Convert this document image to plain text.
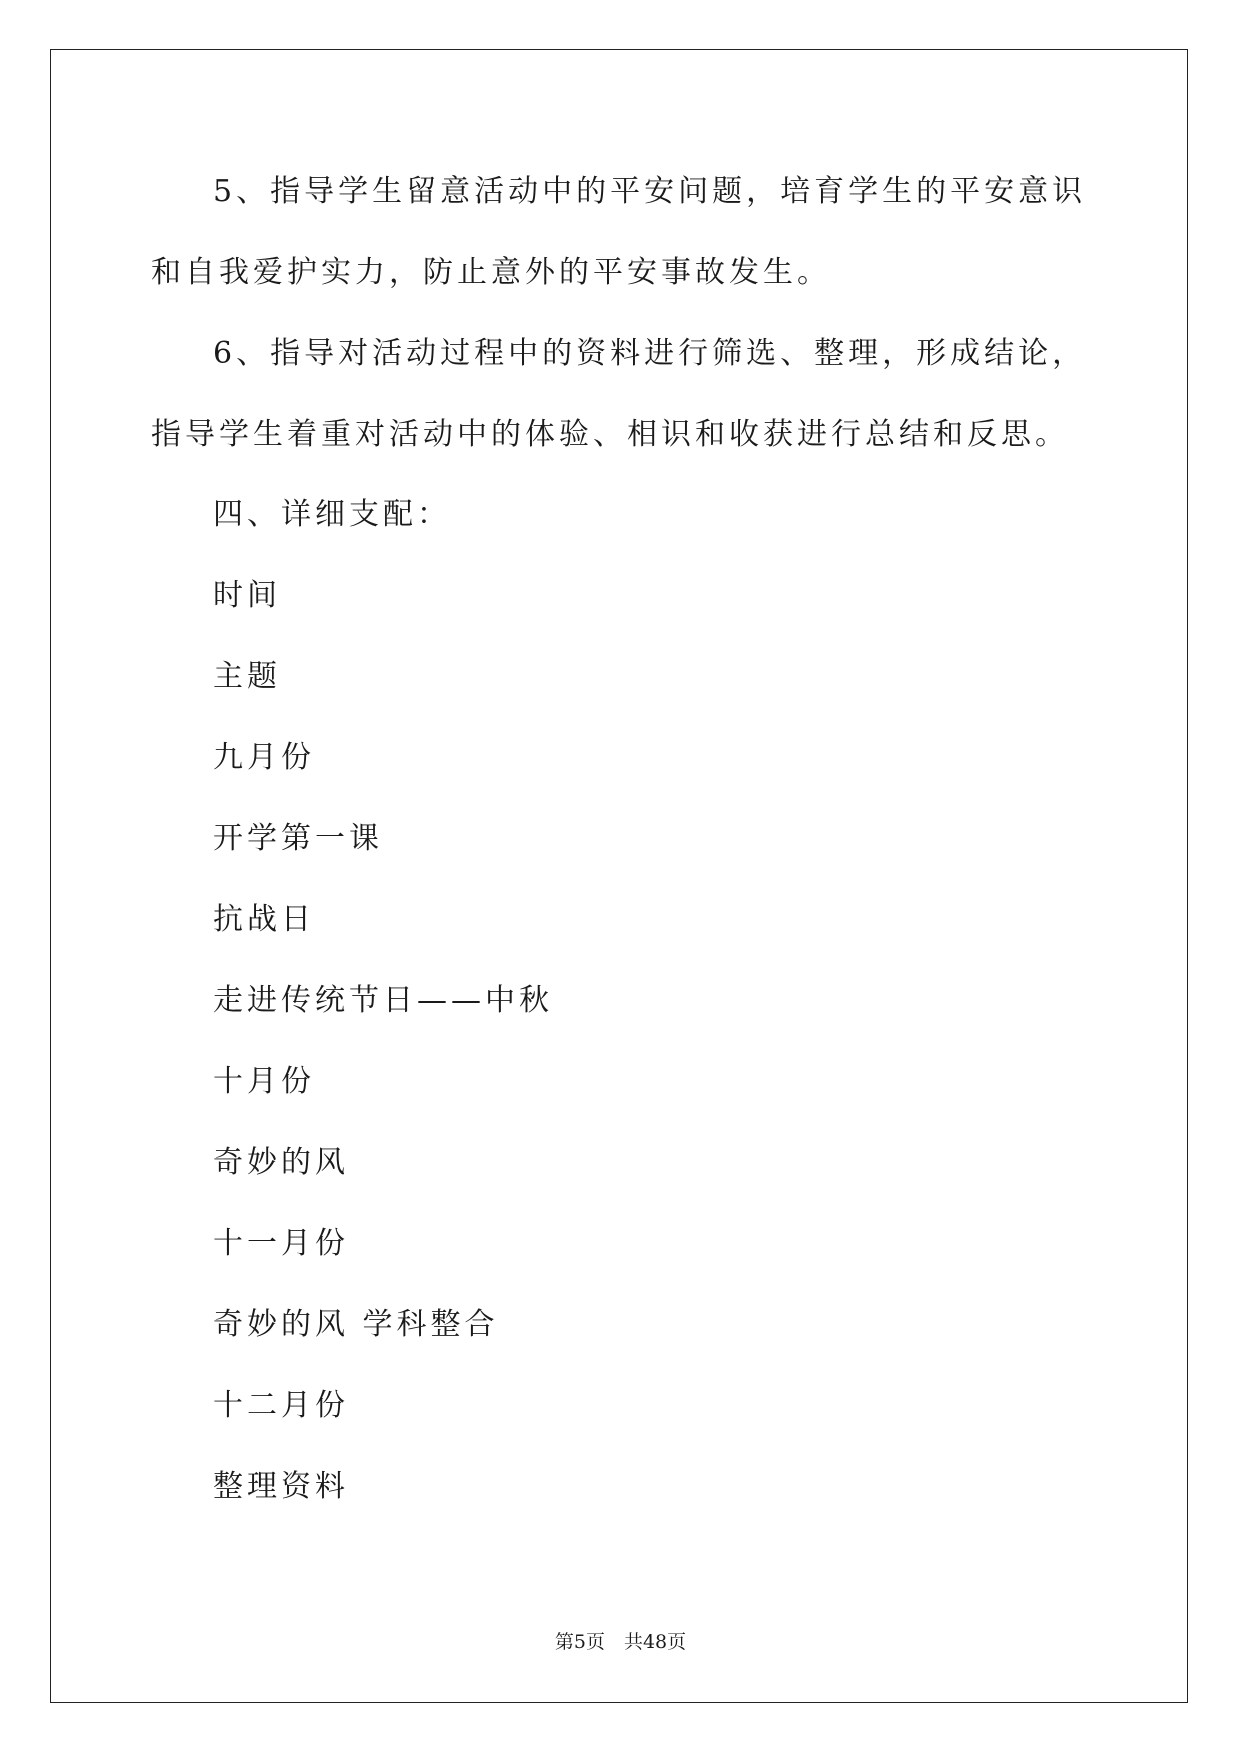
5、指导学生留意活动中的平安问题，培育学生的平安意识和自我爱护实力，防止意外的平安事故发生。

6、指导对活动过程中的资料进行筛选、整理，形成结论，指导学生着重对活动中的体验、相识和收获进行总结和反思。

四、详细支配：

时间

主题

九月份

开学第一课

抗战日

走进传统节日——中秋

十月份

奇妙的风

十一月份

奇妙的风 学科整合

十二月份

整理资料

第5页　共48页
